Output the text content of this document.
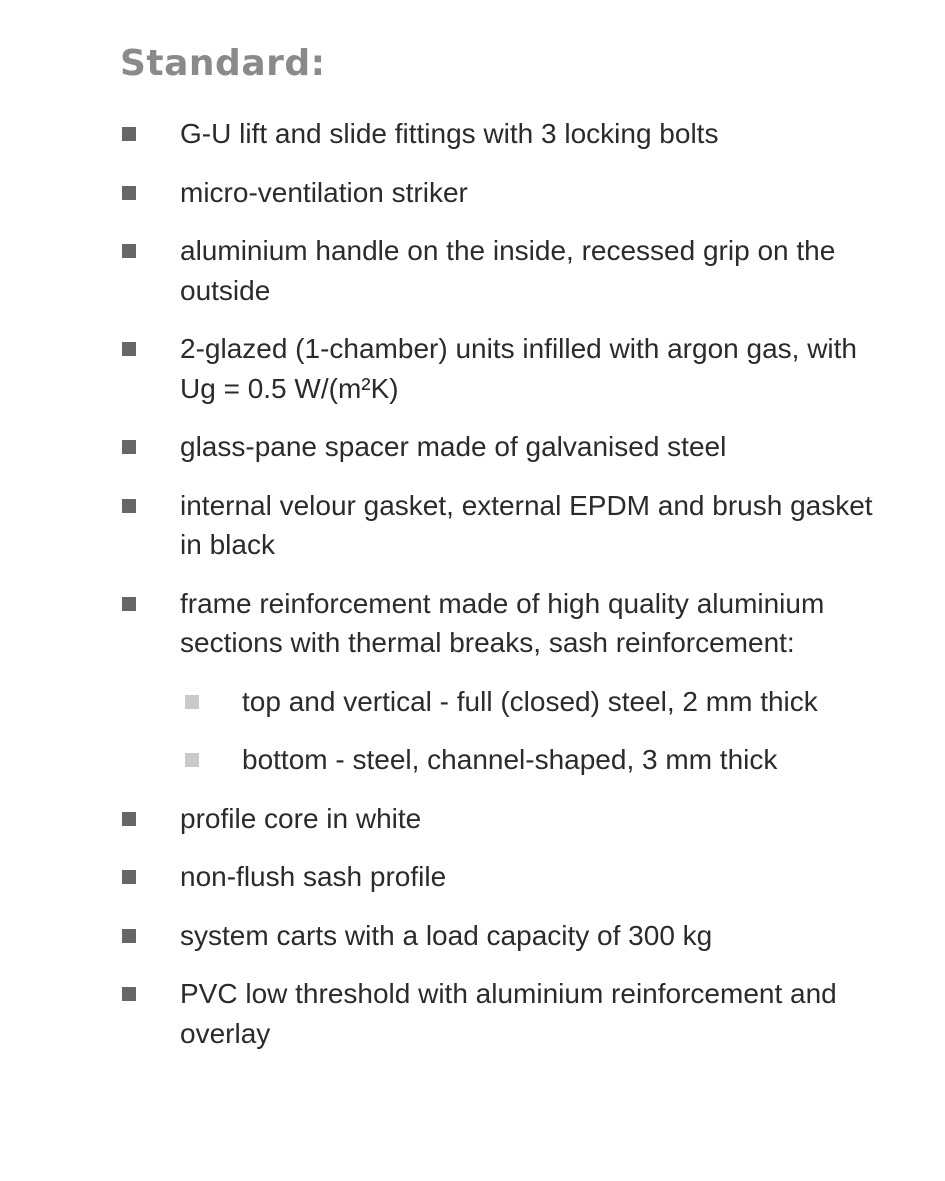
Standard:
G-U lift and slide fittings with 3 locking bolts
micro-ventilation striker
aluminium handle on the inside, recessed grip on the outside
2-glazed (1-chamber) units infilled with argon gas, with Ug = 0.5 W/(m²K)
glass-pane spacer made of galvanised steel
internal velour gasket, external EPDM and brush gasket in black
frame reinforcement made of high quality aluminium sections with thermal breaks, sash reinforcement:
top and vertical - full (closed) steel, 2 mm thick
bottom - steel, channel-shaped, 3 mm thick
profile core in white
non-flush sash profile
system carts with a load capacity of 300 kg
PVC low threshold with aluminium reinforcement and overlay
